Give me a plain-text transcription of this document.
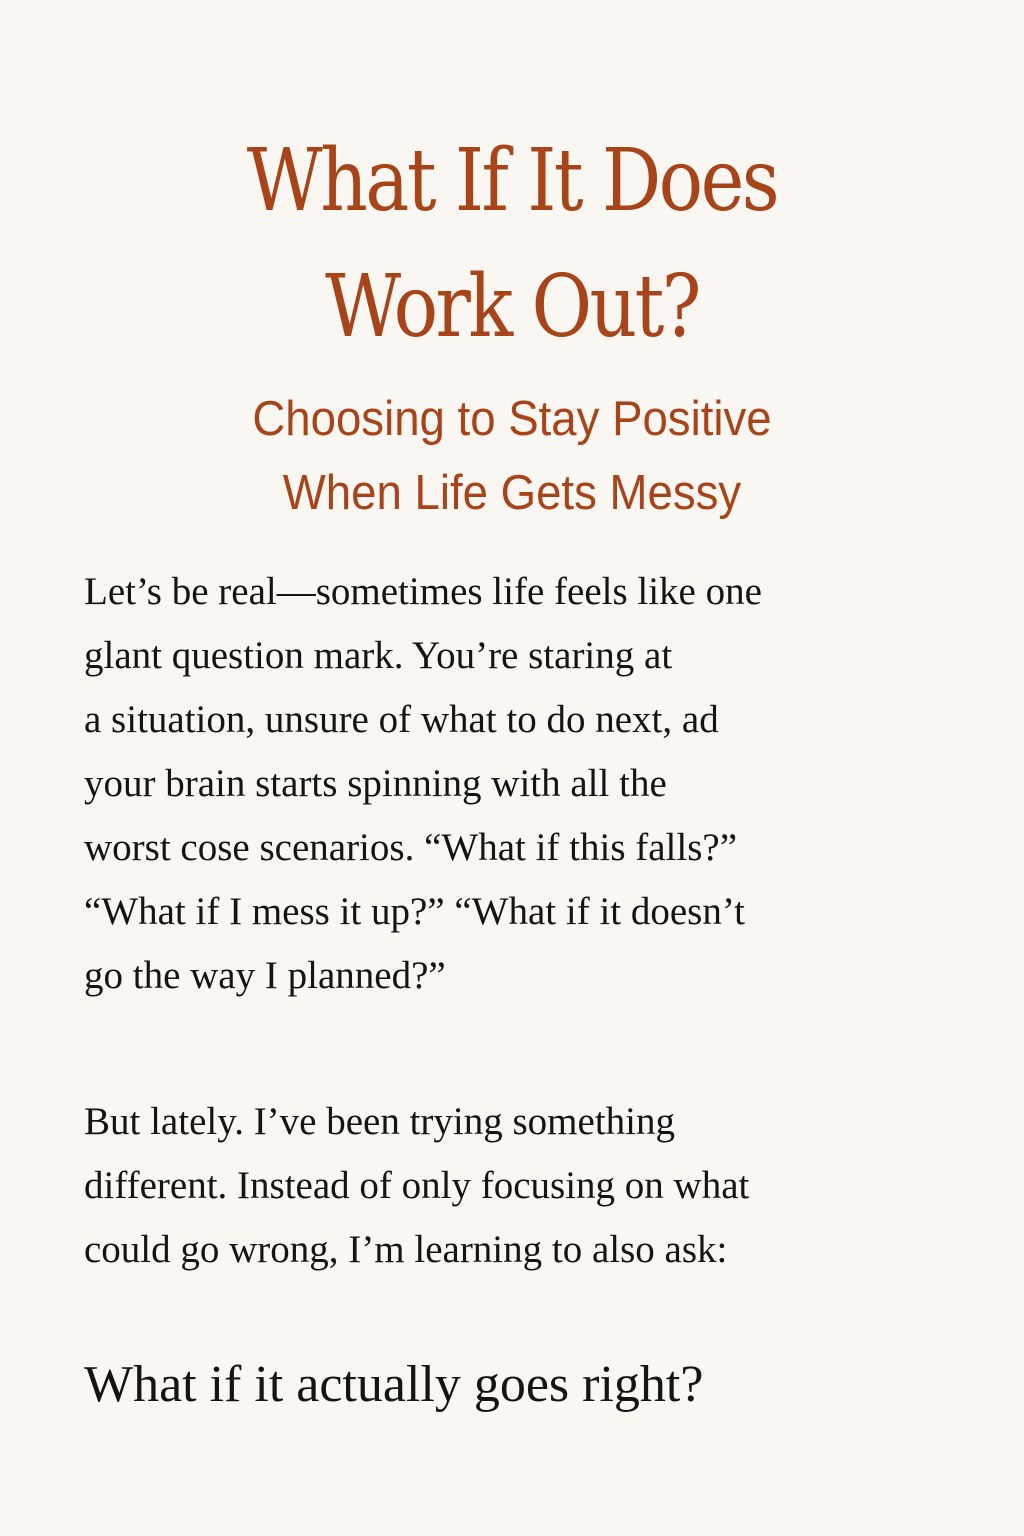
What If It Does
Work Out?
Choosing to Stay Positive
When Life Gets Messy

Let’s be real—sometimes life feels like one
glant question mark. You’re staring at
a situation, unsure of what to do next, ad
your brain starts spinning with all the
worst cose scenarios. “What if this falls?”
“What if I mess it up?” “What if it doesn’t
go the way I planned?”

But lately. I’ve been trying something
different. Instead of only focusing on what
could go wrong, I’m learning to also ask:

What if it actually goes right?
